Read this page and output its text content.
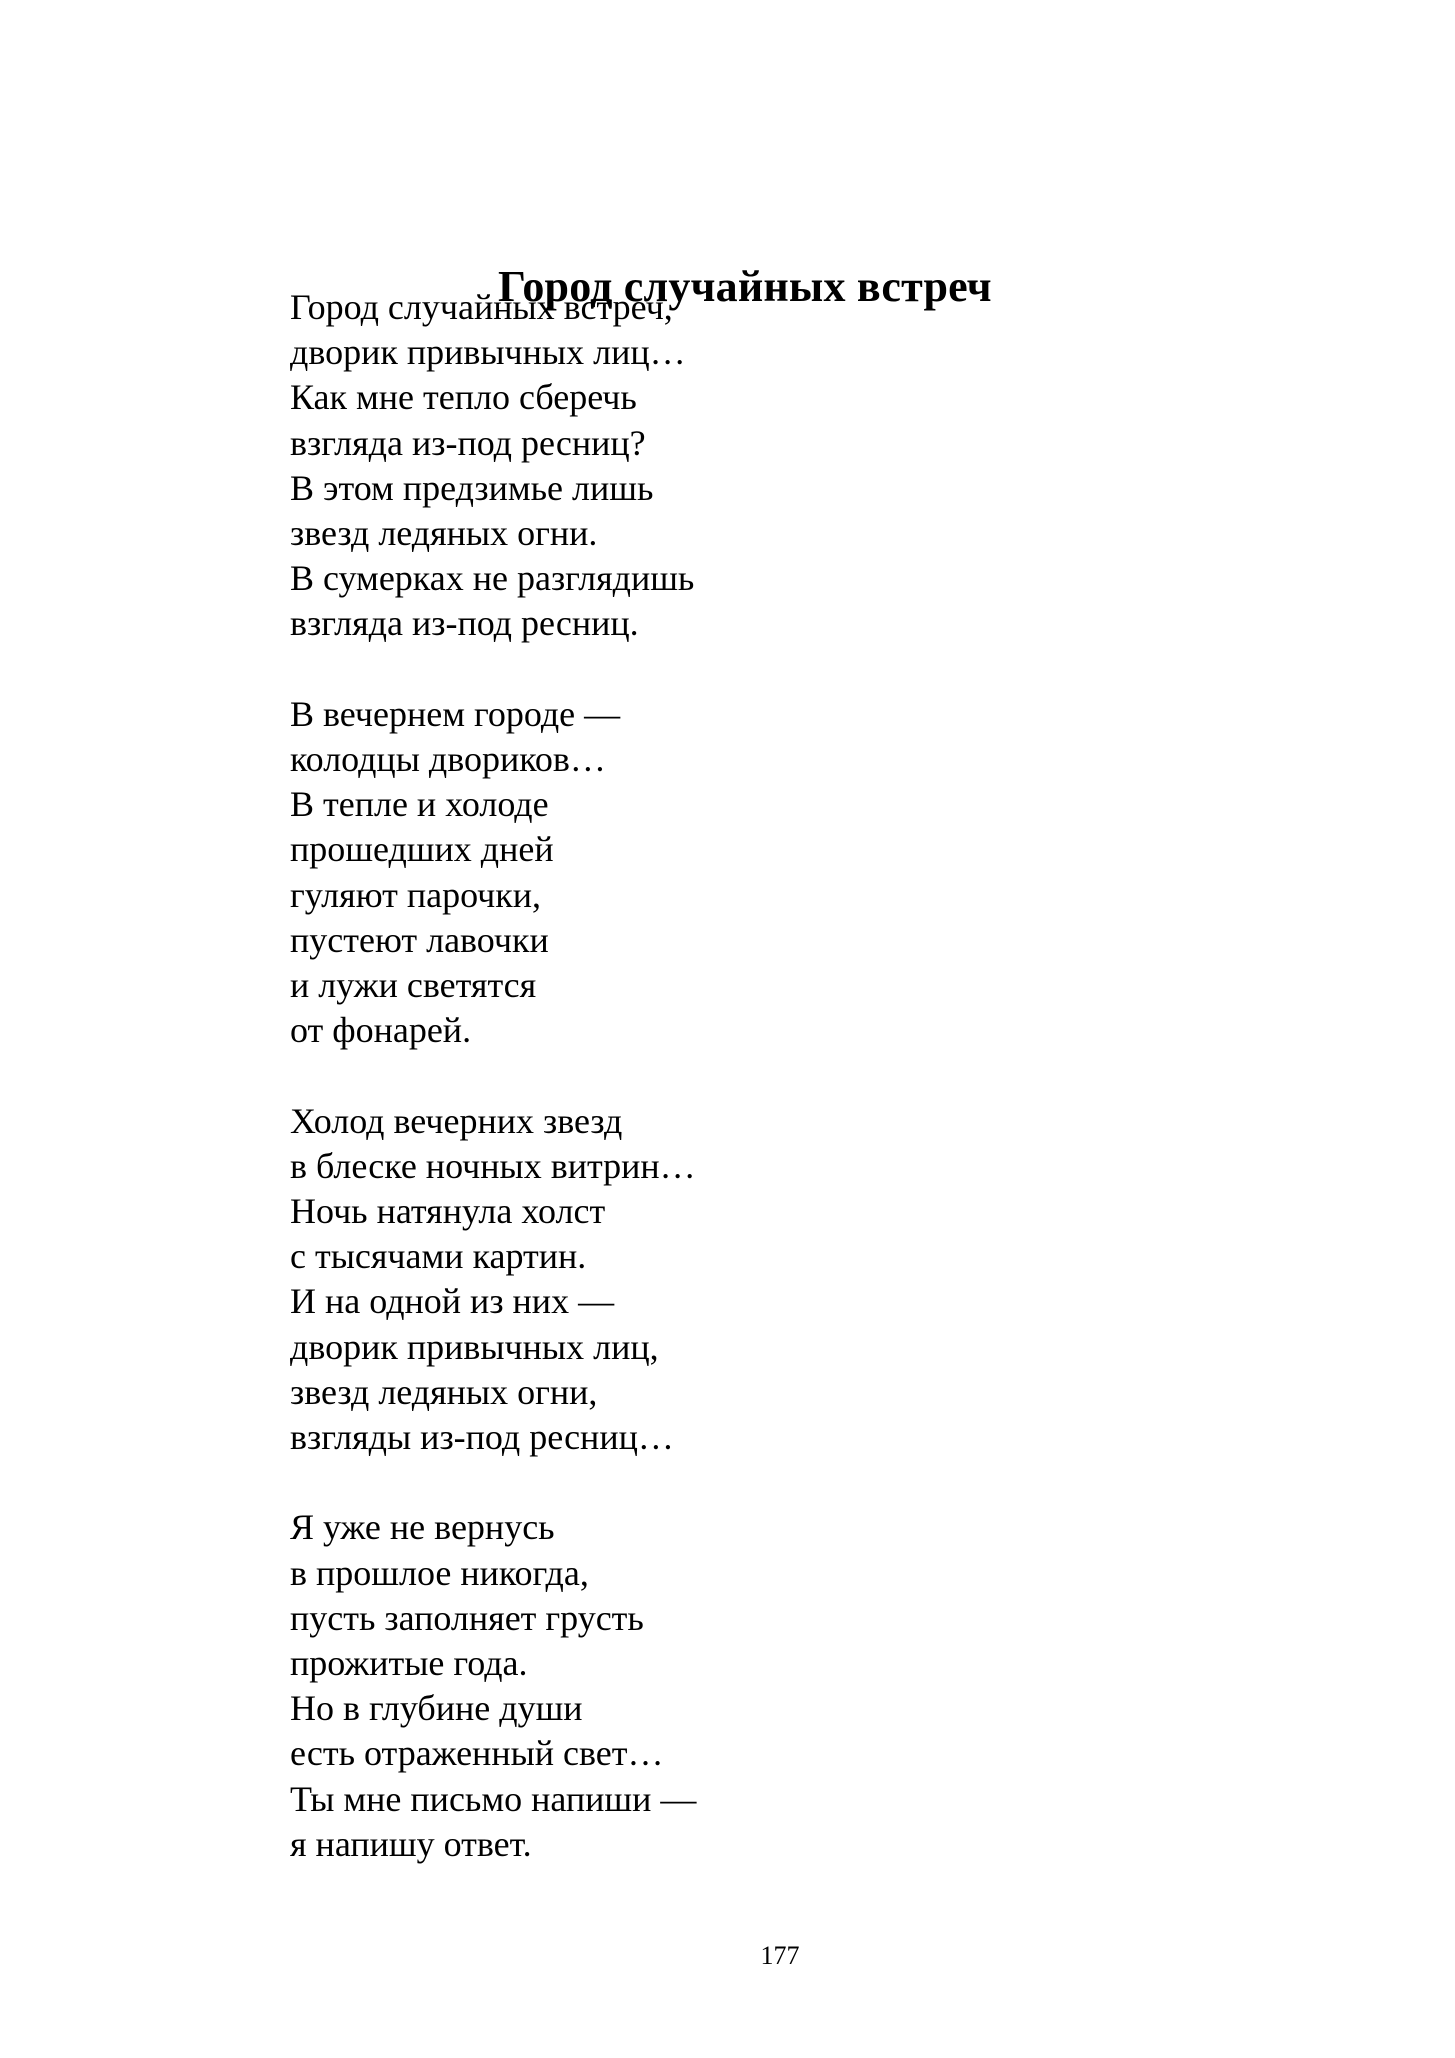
Город случайных встреч
Город случайных встреч,
дворик привычных лиц…
Как мне тепло сберечь
взгляда из-под ресниц?
В этом предзимье лишь
звезд ледяных огни.
В сумерках не разглядишь
взгляда из-под ресниц.
В вечернем городе —
колодцы двориков…
В тепле и холоде
прошедших дней
гуляют парочки,
пустеют лавочки
и лужи светятся
от фонарей.
Холод вечерних звезд
в блеске ночных витрин…
Ночь натянула холст
с тысячами картин.
И на одной из них —
дворик привычных лиц,
звезд ледяных огни,
взгляды из-под ресниц…
Я уже не вернусь
в прошлое никогда,
пусть заполняет грусть
прожитые года.
Но в глубине души
есть отраженный свет…
Ты мне письмо напиши —
я напишу ответ.
177
